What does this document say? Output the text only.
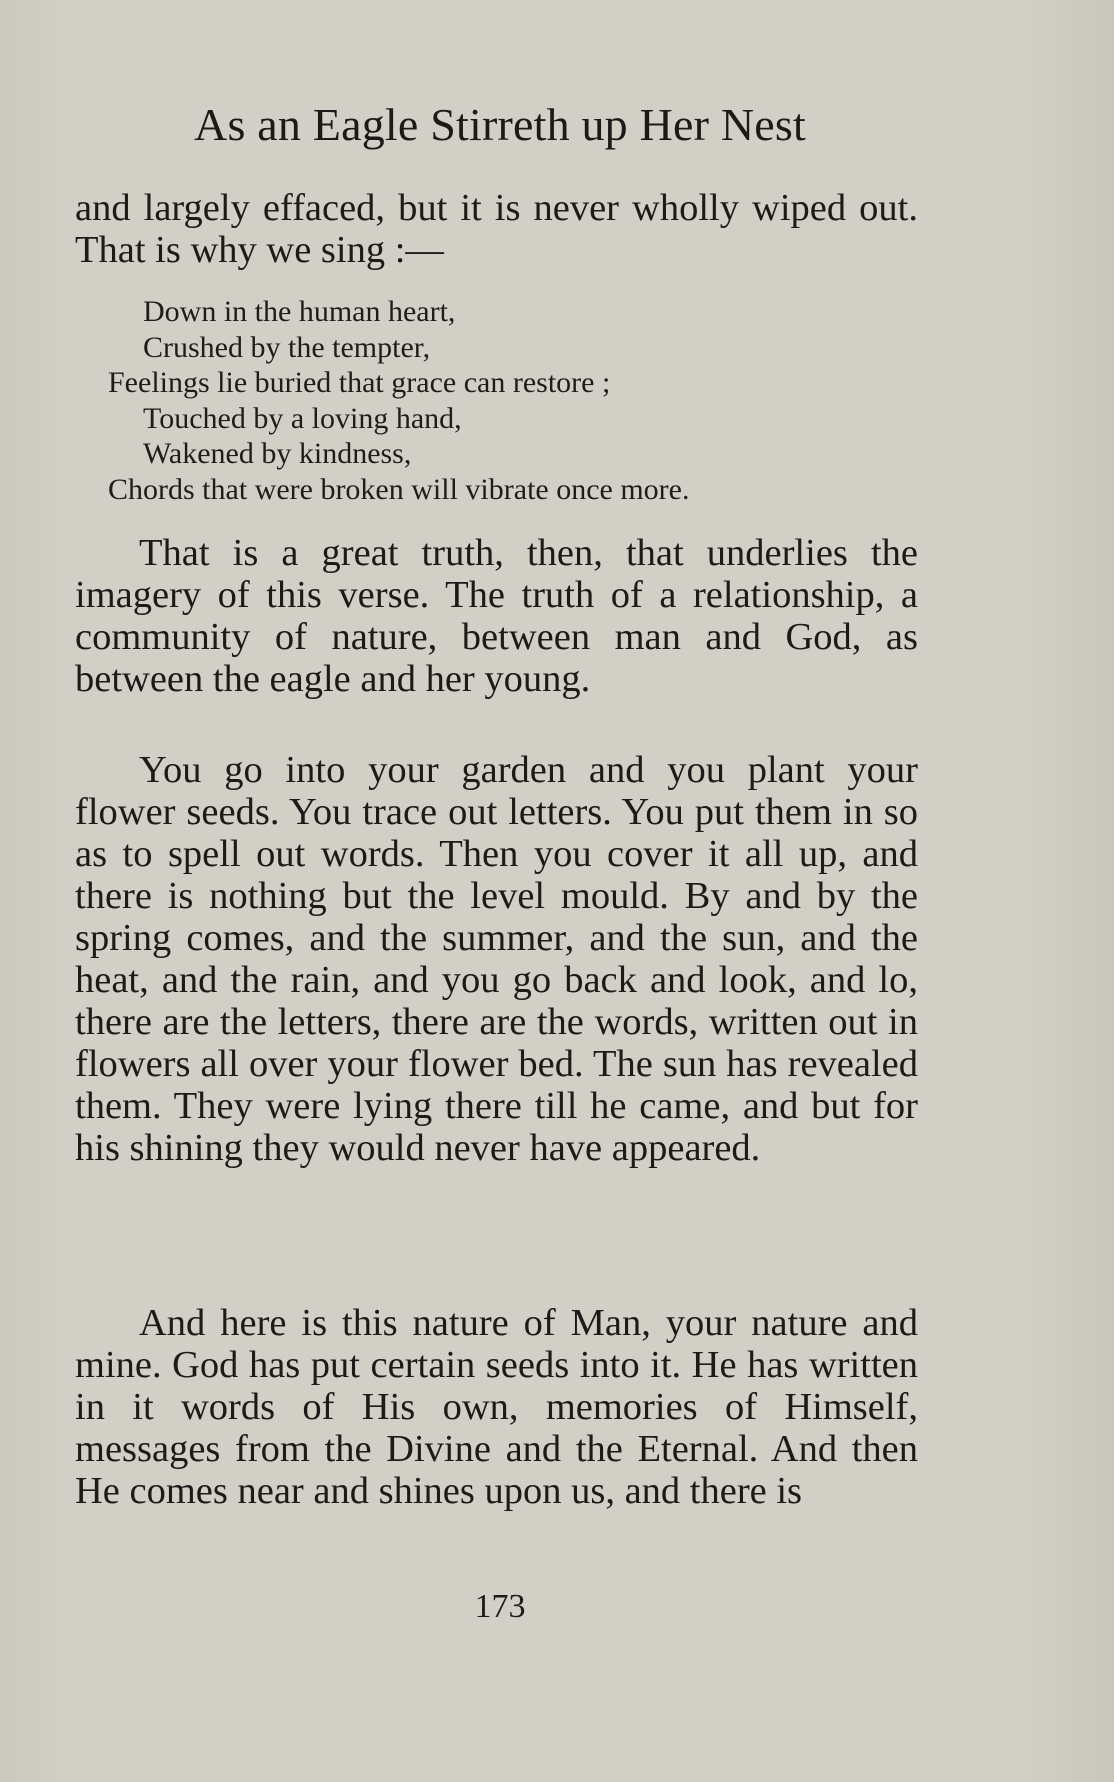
As an Eagle Stirreth up Her Nest

and largely effaced, but it is never wholly wiped out. That is why we sing :—

Down in the human heart,
Crushed by the tempter,
Feelings lie buried that grace can restore ;
Touched by a loving hand,
Wakened by kindness,
Chords that were broken will vibrate once more.

That is a great truth, then, that underlies the imagery of this verse. The truth of a relationship, a community of nature, between man and God, as between the eagle and her young.

You go into your garden and you plant your flower seeds. You trace out letters. You put them in so as to spell out words. Then you cover it all up, and there is nothing but the level mould. By and by the spring comes, and the summer, and the sun, and the heat, and the rain, and you go back and look, and lo, there are the letters, there are the words, written out in flowers all over your flower bed. The sun has revealed them. They were lying there till he came, and but for his shining they would never have appeared.

And here is this nature of Man, your nature and mine. God has put certain seeds into it. He has written in it words of His own, memories of Himself, messages from the Divine and the Eternal. And then He comes near and shines upon us, and there is

173
